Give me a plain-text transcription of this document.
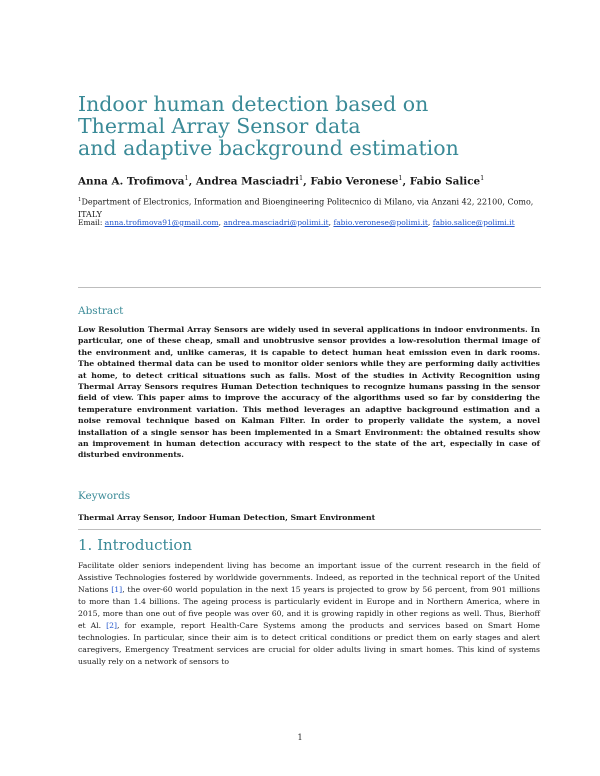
Indoor human detection based on
Thermal Array Sensor data
and adaptive background estimation
Anna A. Trofimova$^1$, Andrea Masciadri$^1$, Fabio Veronese$^1$, Fabio Salice$^1$
$^1$Department of Electronics, Information and Bioengineering Politecnico di Milano, via Anzani 42, 22100, Como, ITALY
Email: anna.trofimova91@gmail.com, andrea.masciadri@polimi.it, fabio.veronese@polimi.it, fabio.salice@polimi.it
Abstract

Low Resolution Thermal Array Sensors are widely used in several applications in indoor environments. In particular, one of these cheap, small and unobtrusive sensor provides a low-resolution thermal image of the environment and, unlike cameras, it is capable to detect human heat emission even in dark rooms. The obtained thermal data can be used to monitor older seniors while they are performing daily activities at home, to detect critical situations such as falls. Most of the studies in Activity Recognition using Thermal Array Sensors requires Human Detection techniques to recognize humans passing in the sensor field of view. This paper aims to improve the accuracy of the algorithms used so far by considering the temperature environment variation. This method leverages an adaptive background estimation and a noise removal technique based on Kalman Filter. In order to properly validate the system, a novel installation of a single sensor has been implemented in a Smart Environment: the obtained results show an improvement in human detection accuracy with respect to the state of the art, especially in case of disturbed environments.

Keywords

Thermal Array Sensor, Indoor Human Detection, Smart Environment

1. Introduction

Facilitate older seniors independent living has become an important issue of the current research in the field of Assistive Technologies fostered by worldwide governments. Indeed, as reported in the technical report of the United Nations [1], the over-60 world population in the next 15 years is projected to grow by 56 percent, from 901 millions to more than 1.4 billions. The ageing process is particularly evident in Europe and in Northern America, where in 2015, more than one out of five people was over 60, and it is growing rapidly in other regions as well. Thus, Bierhoff et Al. [2], for example, report Health-Care Systems among the products and services based on Smart Home technologies. In particular, since their aim is to detect critical conditions or predict them on early stages and alert caregivers, Emergency Treatment services are crucial for older adults living in smart homes. This kind of systems usually rely on a network of sensors to

1
